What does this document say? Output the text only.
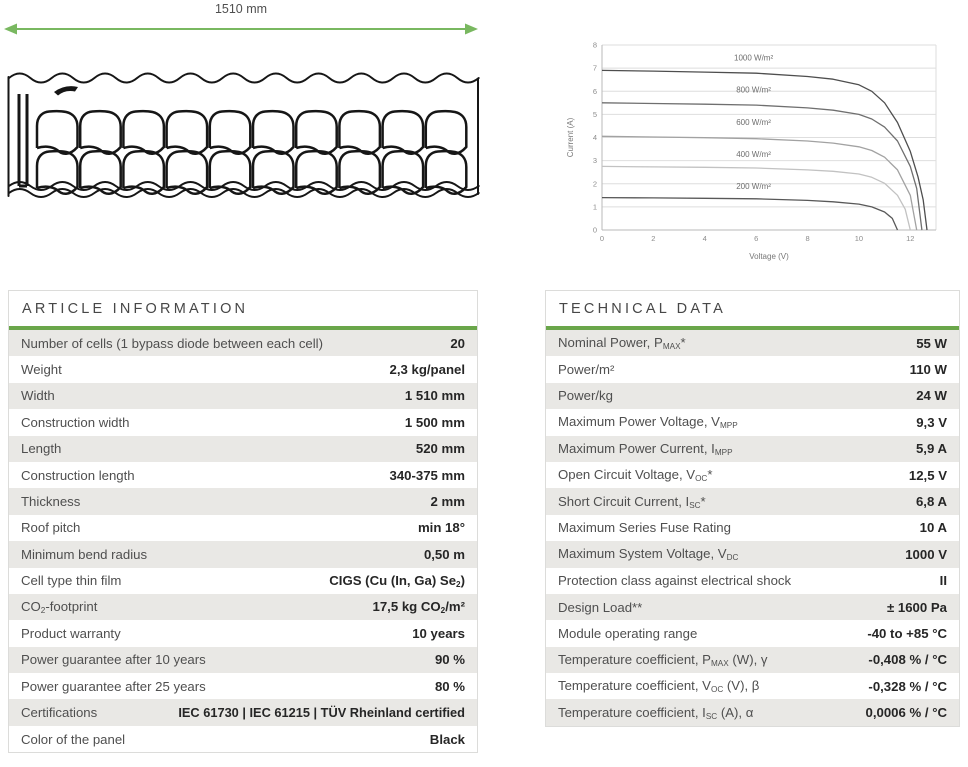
1510 mm
0
1
2
3
4
5
6
7
8
0	2	4	6	8	10	12
Voltage (V)
Current (A)
1000 W/m²
800 W/m²
600 W/m²
400 W/m²
200 W/m²
ARTICLE INFORMATION
Number of cells (1 bypass diode between each cell)	20
Weight	2,3 kg/panel
Width	1 510 mm
Construction width	1 500 mm
Length	520 mm
Construction length	340-375 mm
Thickness	2 mm
Roof pitch	min 18°
Minimum bend radius	0,50 m
Cell type thin film	CIGS (Cu (In, Ga) $Se_2$)
$CO_2$-footprint	17,5 kg $CO_2/m^2$
Product warranty	10 years
Power guarantee after 10 years	90 %
Power guarantee after 25 years	80 %
Certifications	IEC 61730 | IEC 61215 | TÜV Rheinland certified
Color of the panel	Black
TECHNICAL DATA
Nominal Power, $P_{MAX}*$	55 W
Power/m²	110 W
Power/kg	24 W
Maximum Power Voltage, $V_{MPP}$	9,3 V
Maximum Power Current, $I_{MPP}$	5,9 A
Open Circuit Voltage, $V_{OC}*$	12,5 V
Short Circuit Current, $I_{SC}*$	6,8 A
Maximum Series Fuse Rating	10 A
Maximum System Voltage, $V_{DC}$	1000 V
Protection class against electrical shock	II
Design Load**	± 1600 Pa
Module operating range	-40 to +85 °C
Temperature coefficient, $P_{MAX}$ (W), γ	-0,408 % / °C
Temperature coefficient, $V_{OC}$ (V), β	-0,328 % / °C
Temperature coefficient, $I_{SC}$ (A), α	0,0006 % / °C
